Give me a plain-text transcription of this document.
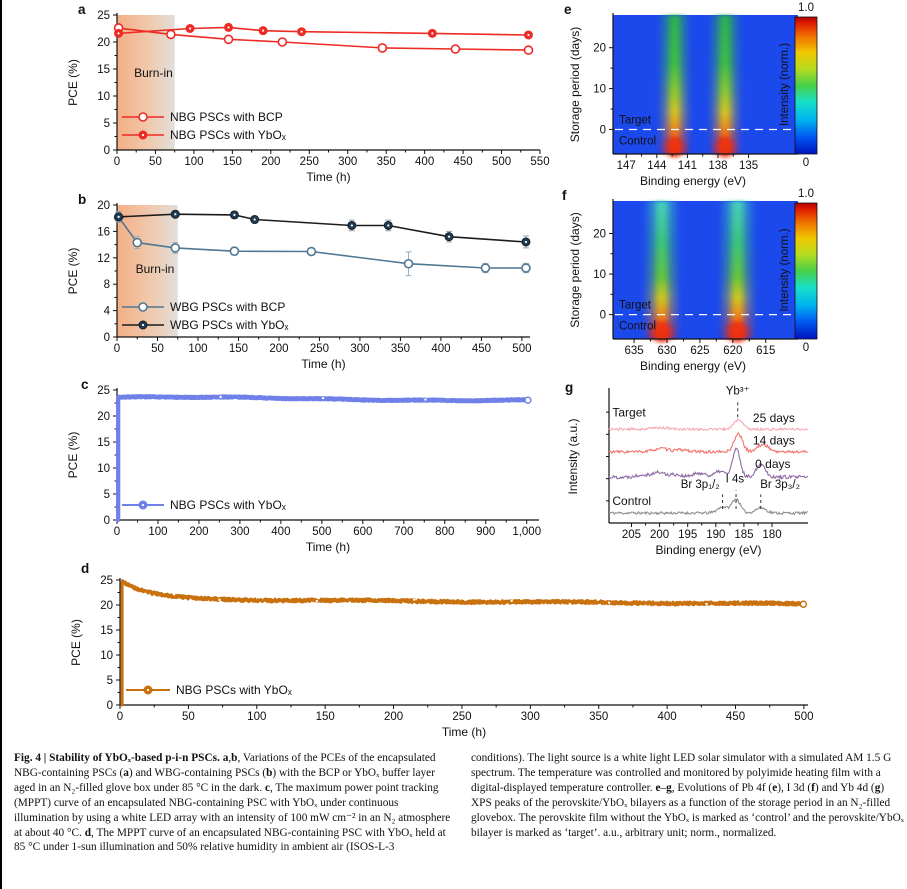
Burn-in
0	50 100 150 200 250 300 350 400 450 500 550
0
5
10
15
20
25
Time (h)
PCE (%)
NBG PSCs with BCP
NBG PSCs with YbOₓ
a
Burn-in
0	50 100 150 200 250 300 350 400 450 500
0
4
8
12
16
20
Time (h)
PCE (%)
WBG PSCs with BCP
WBG PSCs with YbOₓ
b
0 100 200 300 400 500 600 700 800 900 1,000
0
5
10
15
20
25
Time (h)
PCE (%)
NBG PSCs with YbOₓ
c
0	50	100	150	200	250	300	350	400	450	500
0
5
10
15
20
25
Time (h)
PCE (%)
NBG PSCs with YbOₓ
d
Target
Control
147 144 141 138 135
0
10
20
Binding energy (eV)
Storage period (days)
1.0
0
Intensity (norm.)
e
Target
Control
635 630 625 620 615
0
10
20
Binding energy (eV)
Storage period (days)
1.0
0
Intensity (norm.)
f
205 200 195 190 185 180
Binding energy (eV)
Intensity (a.u.)
Yb³⁺
Br 3p₁/₂ I 4s Br 3p₃/₂
Target
Control
25 days
14 days
0 days
g
Fig. 4 | Stability of YbOₓ-based p-i-n PSCs. a,b, Variations of the PCEs of the encapsulated NBG-containing PSCs (a) and WBG-containing PSCs (b) with the BCP or YbOₓ buffer layer aged in an N₂-filled glove box under 85 °C in the dark. c, The maximum power point tracking (MPPT) curve of an encapsulated NBG-containing PSC with YbOₓ under continuous illumination by using a white LED array with an intensity of 100 mW cm⁻² in an N₂ atmosphere at about 40 °C. d, The MPPT curve of an encapsulated NBG-containing PSC with YbOₓ held at 85 °C under 1-sun illumination and 50% relative humidity in ambient air (ISOS-L-3
conditions). The light source is a white light LED solar simulator with a simulated AM 1.5 G spectrum. The temperature was controlled and monitored by polyimide heating film with a digital-displayed temperature controller. e–g, Evolutions of Pb 4f (e), I 3d (f) and Yb 4d (g) XPS peaks of the perovskite/YbOₓ bilayers as a function of the storage period in an N₂-filled glovebox. The perovskite film without the YbOₓ is marked as ‘control’ and the perovskite/YbOₓ bilayer is marked as ‘target’. a.u., arbitrary unit; norm., normalized.
